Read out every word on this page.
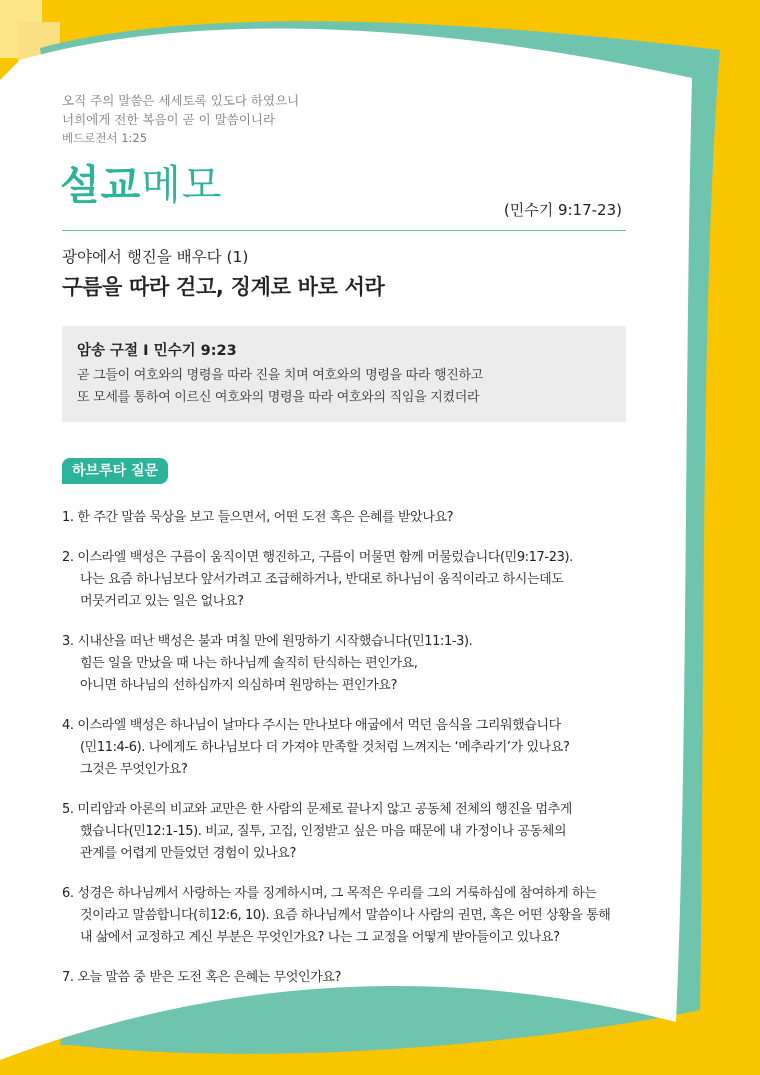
오직 주의 말씀은 세세토록 있도다 하였으니
너희에게 전한 복음이 곧 이 말씀이니라
베드로전서 1:25
설교메모
(민수기 9:17-23)
광야에서 행진을 배우다 (1)
구름을 따라 걷고, 징계로 바로 서라
암송 구절 I 민수기 9:23
곧 그들이 여호와의 명령을 따라 진을 치며 여호와의 명령을 따라 행진하고
또 모세를 통하여 이르신 여호와의 명령을 따라 여호와의 직임을 지켰더라
하브루타 질문
1. 한 주간 말씀 묵상을 보고 들으면서, 어떤 도전 혹은 은혜를 받았나요?
2. 이스라엘 백성은 구름이 움직이면 행진하고, 구름이 머물면 함께 머물렀습니다(민9:17-23).
나는 요즘 하나님보다 앞서가려고 조급해하거나, 반대로 하나님이 움직이라고 하시는데도
머뭇거리고 있는 일은 없나요?
3. 시내산을 떠난 백성은 불과 며칠 만에 원망하기 시작했습니다(민11:1-3).
힘든 일을 만났을 때 나는 하나님께 솔직히 탄식하는 편인가요,
아니면 하나님의 선하심까지 의심하며 원망하는 편인가요?
4. 이스라엘 백성은 하나님이 날마다 주시는 만나보다 애굽에서 먹던 음식을 그리워했습니다
(민11:4-6). 나에게도 하나님보다 더 가져야 만족할 것처럼 느껴지는 ‘메추라기’가 있나요?
그것은 무엇인가요?
5. 미리암과 아론의 비교와 교만은 한 사람의 문제로 끝나지 않고 공동체 전체의 행진을 멈추게
했습니다(민12:1-15). 비교, 질투, 고집, 인정받고 싶은 마음 때문에 내 가정이나 공동체의
관계를 어렵게 만들었던 경험이 있나요?
6. 성경은 하나님께서 사랑하는 자를 징계하시며, 그 목적은 우리를 그의 거룩하심에 참여하게 하는
것이라고 말씀합니다(히12:6, 10). 요즘 하나님께서 말씀이나 사람의 권면, 혹은 어떤 상황을 통해
내 삶에서 교정하고 계신 부분은 무엇인가요? 나는 그 교정을 어떻게 받아들이고 있나요?
7. 오늘 말씀 중 받은 도전 혹은 은혜는 무엇인가요?
